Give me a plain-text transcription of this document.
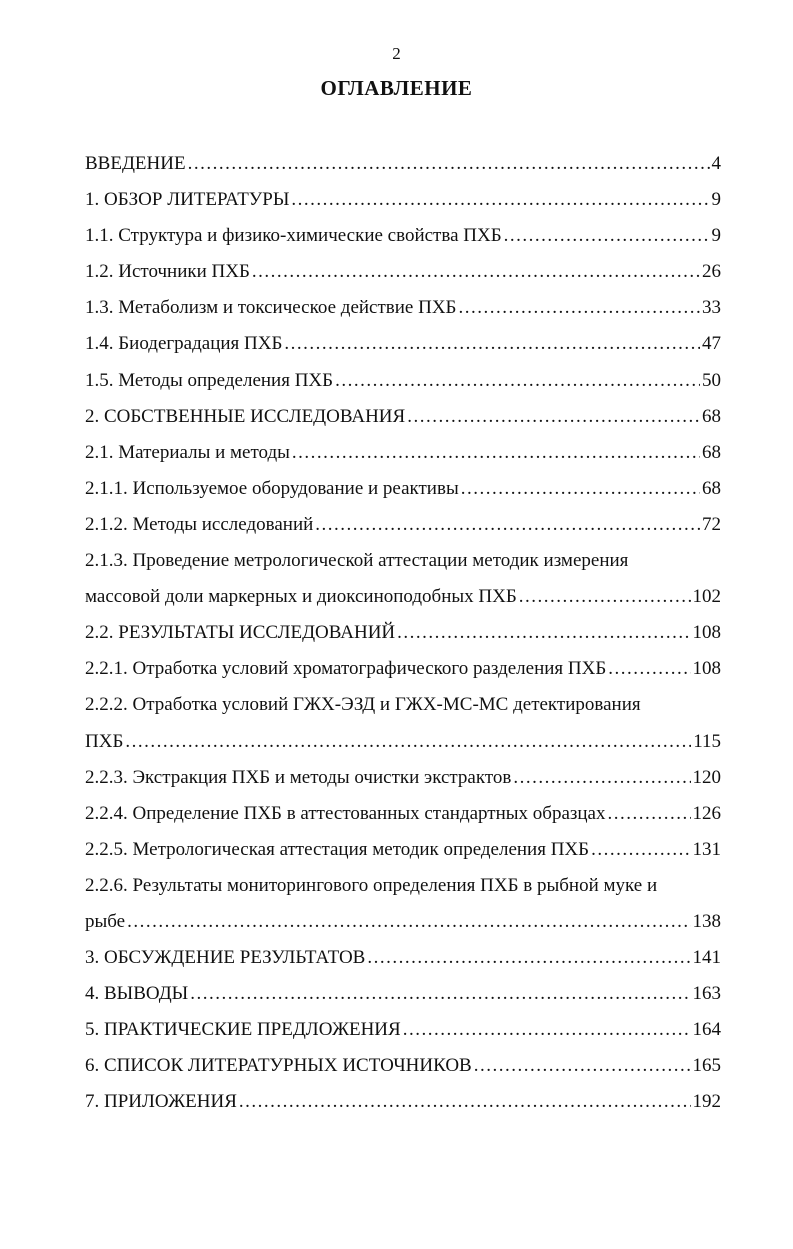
2
ОГЛАВЛЕНИЕ
ВВЕДЕНИЕ .....	4
1. ОБЗОР ЛИТЕРАТУРЫ .....	9
1.1. Структура и физико-химические свойства ПХБ .....	9
1.2. Источники ПХБ .....	26
1.3. Метаболизм и токсическое действие ПХБ .....	33
1.4. Биодеградация ПХБ .....	47
1.5. Методы определения ПХБ .....	50
2. СОБСТВЕННЫЕ ИССЛЕДОВАНИЯ .....	68
2.1. Материалы и методы .....	68
2.1.1. Используемое оборудование и реактивы .....	68
2.1.2. Методы исследований .....	72
2.1.3. Проведение метрологической аттестации методик измерения
массовой доли маркерных и диоксиноподобных ПХБ .....	102
2.2. РЕЗУЛЬТАТЫ ИССЛЕДОВАНИЙ .....	108
2.2.1. Отработка условий хроматографического разделения ПХБ .....	108
2.2.2. Отработка условий ГЖХ-ЭЗД и ГЖХ-МС-МС детектирования
ПХБ .....	115
2.2.3. Экстракция ПХБ и методы очистки экстрактов .....	120
2.2.4. Определение ПХБ в аттестованных стандартных образцах .....	126
2.2.5. Метрологическая аттестация методик определения ПХБ .....	131
2.2.6. Результаты мониторингового определения ПХБ в рыбной муке и
рыбе .....	138
3. ОБСУЖДЕНИЕ РЕЗУЛЬТАТОВ .....	141
4. ВЫВОДЫ .....	163
5. ПРАКТИЧЕСКИЕ ПРЕДЛОЖЕНИЯ .....	164
6. СПИСОК ЛИТЕРАТУРНЫХ ИСТОЧНИКОВ .....	165
7. ПРИЛОЖЕНИЯ .....	192
